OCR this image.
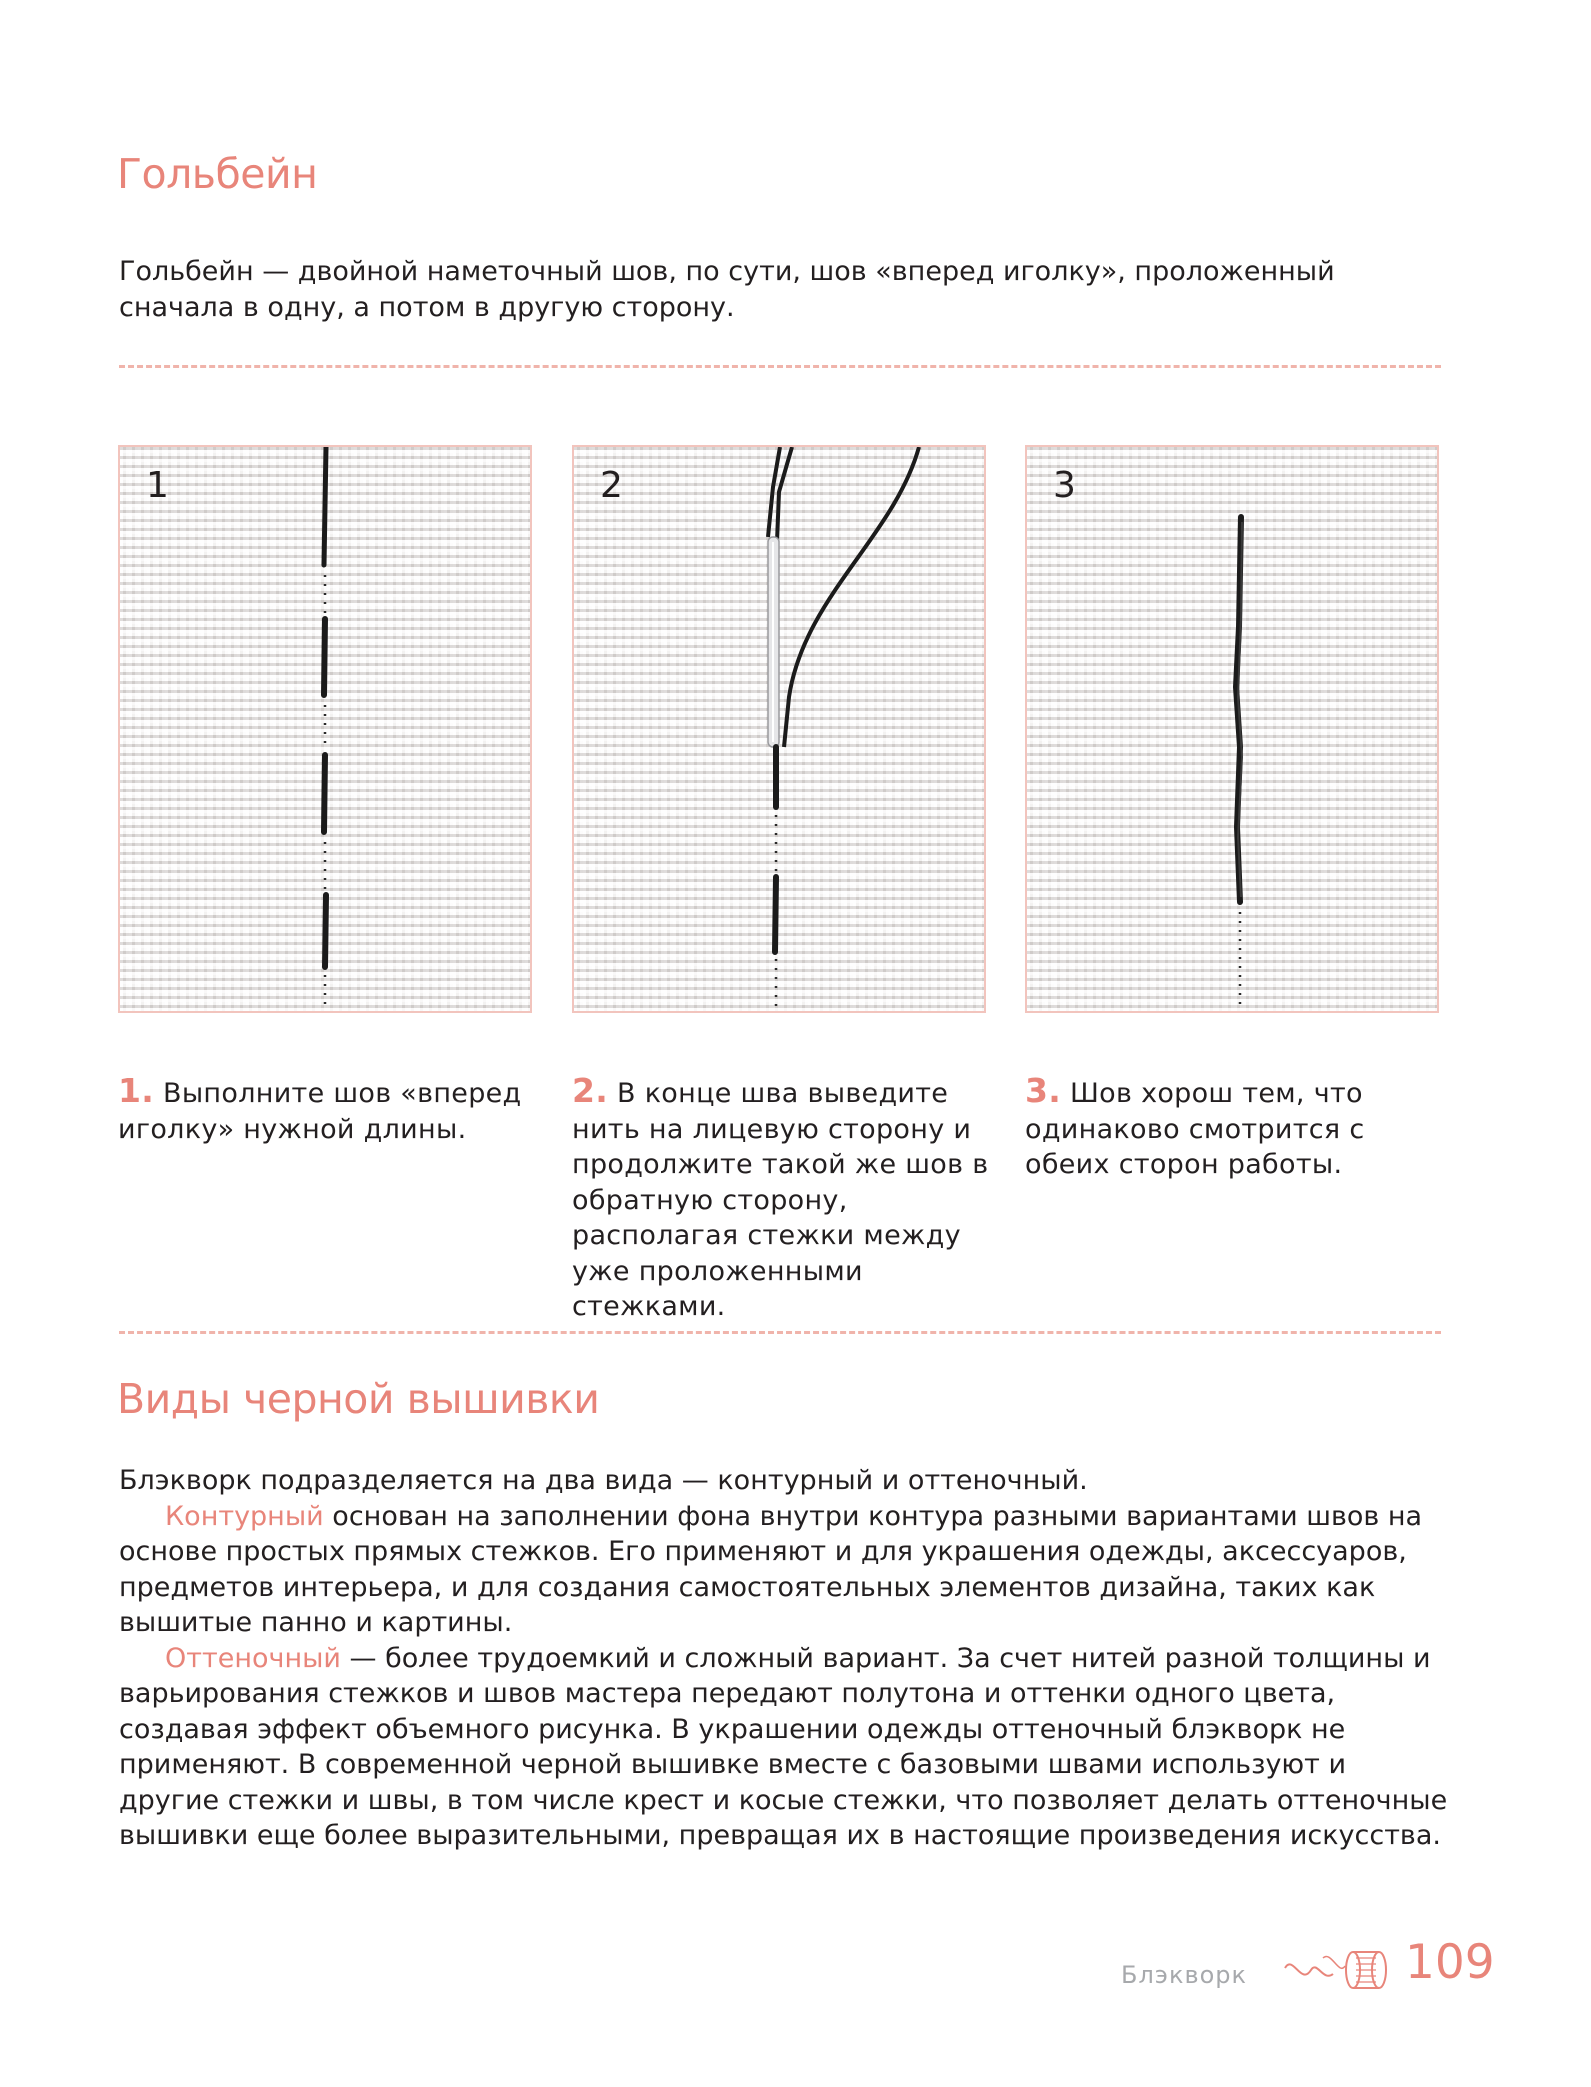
Гольбейн

Гольбейн — двойной наметочный шов, по сути, шов «вперед иголку», проложенный сначала в одну, а потом в другую сторону.

1	2	3

1. Выполните шов «вперед иголку» нужной длины.

2. В конце шва выведите нить на лицевую сторону и продолжите такой же шов в обратную сторону, располагая стежки между уже проложенными стежками.

3. Шов хорош тем, что одинаково смотрится с обеих сторон работы.

Виды черной вышивки

Блэкворк подразделяется на два вида — контурный и оттеночный.

Контурный основан на заполнении фона внутри контура разными вариантами швов на основе простых прямых стежков. Его применяют и для украшения одежды, аксессуаров, предметов интерьера, и для создания самостоятельных элементов дизайна, таких как вышитые панно и картины.

Оттеночный — более трудоемкий и сложный вариант. За счет нитей разной толщины и варьирования стежков и швов мастера передают полутона и оттенки одного цвета, создавая эффект объемного рисунка. В украшении одежды оттеночный блэкворк не применяют. В современной черной вышивке вместе с базовыми швами используют и другие стежки и швы, в том числе крест и косые стежки, что позволяет делать оттеночные вышивки еще более выразительными, превращая их в настоящие произведения искусства.

Блэкворк	109
